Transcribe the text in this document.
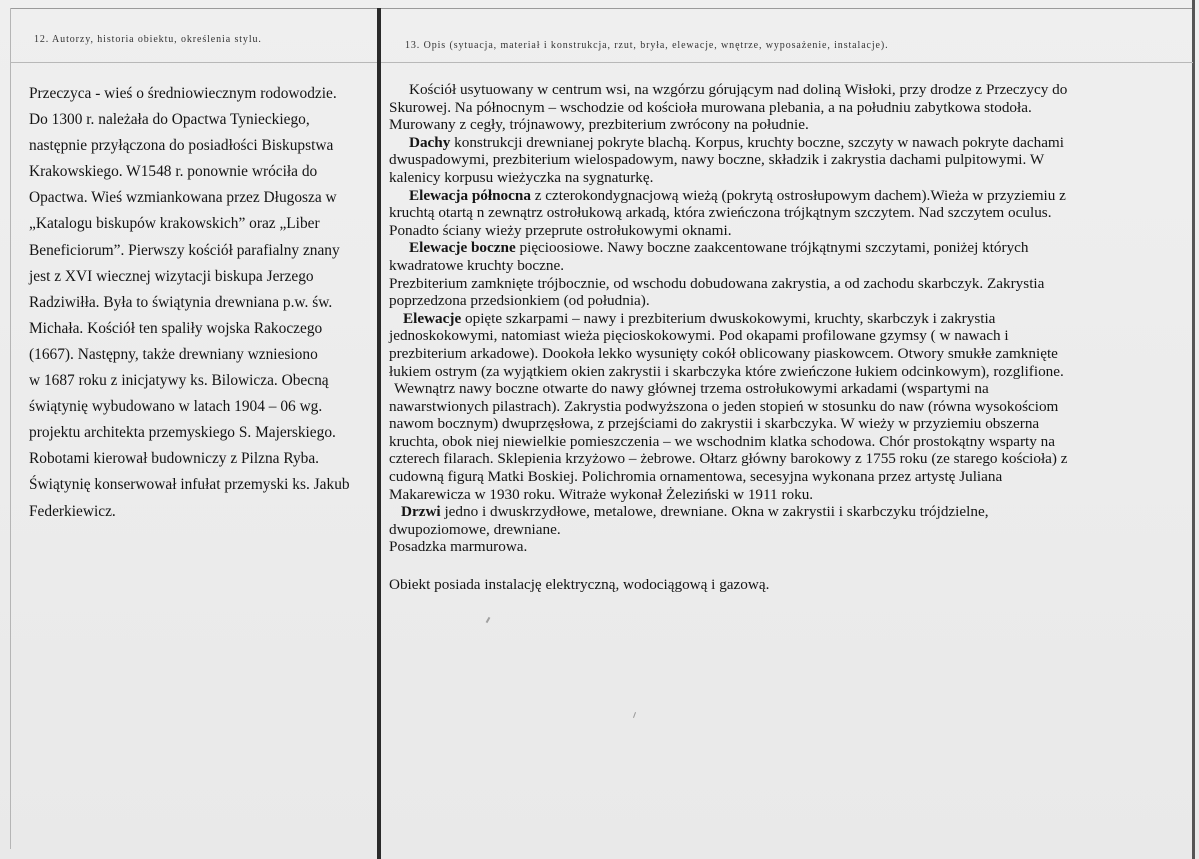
12. Autorzy, historia obiektu, określenia stylu.
Przeczyca - wieś o średniowiecznym rodowodzie.
Do 1300 r. należała do Opactwa Tynieckiego,
następnie przyłączona do posiadłości Biskupstwa
Krakowskiego. W1548 r. ponownie wróciła do
Opactwa. Wieś wzmiankowana przez Długosza w
„Katalogu biskupów krakowskich” oraz „Liber
Beneficiorum”. Pierwszy kościół parafialny znany
jest z XVI wiecznej wizytacji biskupa Jerzego
Radziwiłła. Była to świątynia drewniana p.w. św.
Michała. Kościół ten spaliły wojska Rakoczego
(1667). Następny, także drewniany wzniesiono
w 1687 roku z inicjatywy ks. Bilowicza. Obecną
świątynię wybudowano w latach 1904 – 06 wg.
projektu architekta przemyskiego S. Majerskiego.
Robotami kierował budowniczy z Pilzna Ryba.
Świątynię konserwował infułat przemyski ks. Jakub
Federkiewicz.
13. Opis (sytuacja, materiał i konstrukcja, rzut, bryła, elewacje, wnętrze, wyposażenie, instalacje).
Kościół usytuowany w centrum wsi, na wzgórzu górującym nad doliną Wisłoki, przy drodze z Przeczycy do
Skurowej. Na północnym – wschodzie od kościoła murowana plebania, a na południu zabytkowa stodoła.
Murowany z cegły, trójnawowy, prezbiterium zwrócony na południe.
Dachy konstrukcji drewnianej pokryte blachą. Korpus, kruchty boczne, szczyty w nawach pokryte dachami
dwuspadowymi, prezbiterium wielospadowym, nawy boczne, składzik i zakrystia dachami pulpitowymi. W
kalenicy korpusu wieżyczka na sygnaturkę.
Elewacja północna z czterokondygnacjową wieżą (pokrytą ostrosłupowym dachem).Wieża w przyziemiu z
kruchtą otartą n zewnątrz ostrołukową arkadą, która zwieńczona trójkątnym szczytem. Nad szczytem oculus.
Ponadto ściany wieży przeprute ostrołukowymi oknami.
Elewacje boczne pięcioosiowe. Nawy boczne zaakcentowane trójkątnymi szczytami, poniżej których
kwadratowe kruchty boczne.
Prezbiterium zamknięte trójbocznie, od wschodu dobudowana zakrystia, a od zachodu skarbczyk. Zakrystia
poprzedzona przedsionkiem (od południa).
Elewacje opięte szkarpami – nawy i prezbiterium dwuskokowymi, kruchty, skarbczyk i zakrystia
jednoskokowymi, natomiast wieża pięcioskokowymi. Pod okapami profilowane gzymsy ( w nawach i
prezbiterium arkadowe). Dookoła lekko wysunięty cokół oblicowany piaskowcem. Otwory smukłe zamknięte
łukiem ostrym (za wyjątkiem okien zakrystii i skarbczyka które zwieńczone łukiem odcinkowym), rozglifione.
Wewnątrz nawy boczne otwarte do nawy głównej trzema ostrołukowymi arkadami (wspartymi na
nawarstwionych pilastrach). Zakrystia podwyższona o jeden stopień w stosunku do naw (równa wysokościom
nawom bocznym) dwuprzęsłowa, z przejściami do zakrystii i skarbczyka. W wieży w przyziemiu obszerna
kruchta, obok niej niewielkie pomieszczenia – we wschodnim klatka schodowa. Chór prostokątny wsparty na
czterech filarach. Sklepienia krzyżowo – żebrowe. Ołtarz główny barokowy z 1755 roku (ze starego kościoła) z
cudowną figurą Matki Boskiej. Polichromia ornamentowa, secesyjna wykonana przez artystę Juliana
Makarewicza w 1930 roku. Witraże wykonał Żeleziński w 1911 roku.
Drzwi jedno i dwuskrzydłowe, metalowe, drewniane. Okna w zakrystii i skarbczyku trójdzielne,
dwupoziomowe, drewniane.
Posadzka marmurowa.
Obiekt posiada instalację elektryczną, wodociągową i gazową.
